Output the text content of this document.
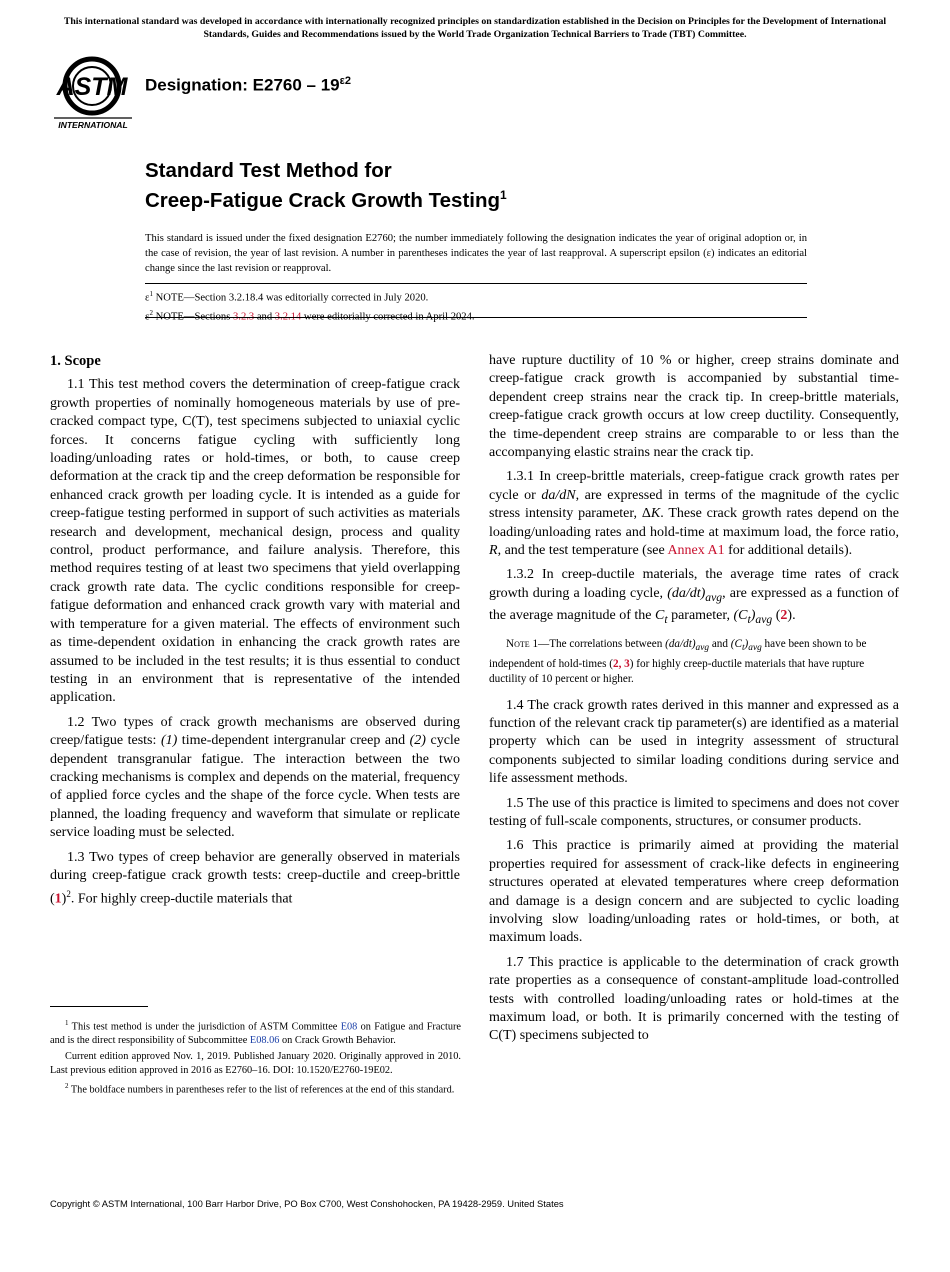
This international standard was developed in accordance with internationally recognized principles on standardization established in the Decision on Principles for the Development of International Standards, Guides and Recommendations issued by the World Trade Organization Technical Barriers to Trade (TBT) Committee.
ASTM
INTERNATIONAL
Designation: $E2760 - 19^{\varepsilon 2}$
Standard Test Method for
Creep-Fatigue Crack Growth Testing$^1$
This standard is issued under the fixed designation E2760; the number immediately following the designation indicates the year of original adoption or, in the case of revision, the year of last revision. A number in parentheses indicates the year of last reapproval. A superscript epsilon (ε) indicates an editorial change since the last revision or reapproval.
$\varepsilon^1$ NOTE—Section 3.2.18.4 was editorially corrected in July 2020.
$\varepsilon^2$ NOTE—Sections 3.2.3 and 3.2.14 were editorially corrected in April 2024.
1. Scope

1.1 This test method covers the determination of creep-fatigue crack growth properties of nominally homogeneous materials by use of pre-cracked compact type, C(T), test specimens subjected to uniaxial cyclic forces. It concerns fatigue cycling with sufficiently long loading/unloading rates or hold-times, or both, to cause creep deformation at the crack tip and the creep deformation be responsible for enhanced crack growth per loading cycle. It is intended as a guide for creep-fatigue testing performed in support of such activities as materials research and development, mechanical design, process and quality control, product performance, and failure analysis. Therefore, this method requires testing of at least two specimens that yield overlapping crack growth rate data. The cyclic conditions responsible for creep-fatigue deformation and enhanced crack growth vary with material and with temperature for a given material. The effects of environment such as time-dependent oxidation in enhancing the crack growth rates are assumed to be included in the test results; it is thus essential to conduct testing in an environment that is representative of the intended application.

1.2 Two types of crack growth mechanisms are observed during creep/fatigue tests: (1) time-dependent intergranular creep and (2) cycle dependent transgranular fatigue. The interaction between the two cracking mechanisms is complex and depends on the material, frequency of applied force cycles and the shape of the force cycle. When tests are planned, the loading frequency and waveform that simulate or replicate service loading must be selected.

1.3 Two types of creep behavior are generally observed in materials during creep-fatigue crack growth tests: creep-ductile and creep-brittle $(1)^2$. For highly creep-ductile materials that

$^1$ This test method is under the jurisdiction of ASTM Committee E08 on Fatigue and Fracture and is the direct responsibility of Subcommittee E08.06 on Crack Growth Behavior.

Current edition approved Nov. 1, 2019. Published January 2020. Originally approved in 2010. Last previous edition approved in 2016 as E2760–16. DOI: 10.1520/E2760-19E02.

$^2$ The boldface numbers in parentheses refer to the list of references at the end of this standard.

have rupture ductility of 10 % or higher, creep strains dominate and creep-fatigue crack growth is accompanied by substantial time-dependent creep strains near the crack tip. In creep-brittle materials, creep-fatigue crack growth occurs at low creep ductility. Consequently, the time-dependent creep strains are comparable to or less than the accompanying elastic strains near the crack tip.

1.3.1 In creep-brittle materials, creep-fatigue crack growth rates per cycle or da/dN, are expressed in terms of the magnitude of the cyclic stress intensity parameter, ΔK. These crack growth rates depend on the loading/unloading rates and hold-time at maximum load, the force ratio, R, and the test temperature (see Annex A1 for additional details).

1.3.2 In creep-ductile materials, the average time rates of crack growth during a loading cycle, $(da/dt)_{avg}$, are expressed as a function of the average magnitude of the $C_t$ parameter, $(C_t)_{avg}$ (2).

Note 1—The correlations between $(da/dt)_{avg}$ and $(C_t)_{avg}$ have been shown to be independent of hold-times (2, 3) for highly creep-ductile materials that have rupture ductility of 10 percent or higher.

1.4 The crack growth rates derived in this manner and expressed as a function of the relevant crack tip parameter(s) are identified as a material property which can be used in integrity assessment of structural components subjected to similar loading conditions during service and life assessment methods.

1.5 The use of this practice is limited to specimens and does not cover testing of full-scale components, structures, or consumer products.

1.6 This practice is primarily aimed at providing the material properties required for assessment of crack-like defects in engineering structures operated at elevated temperatures where creep deformation and damage is a design concern and are subjected to cyclic loading involving slow loading/unloading rates or hold-times, or both, at maximum loads.

1.7 This practice is applicable to the determination of crack growth rate properties as a consequence of constant-amplitude load-controlled tests with controlled loading/unloading rates or hold-times at the maximum load, or both. It is primarily concerned with the testing of C(T) specimens subjected to

Copyright © ASTM International, 100 Barr Harbor Drive, PO Box C700, West Conshohocken, PA 19428-2959. United States
